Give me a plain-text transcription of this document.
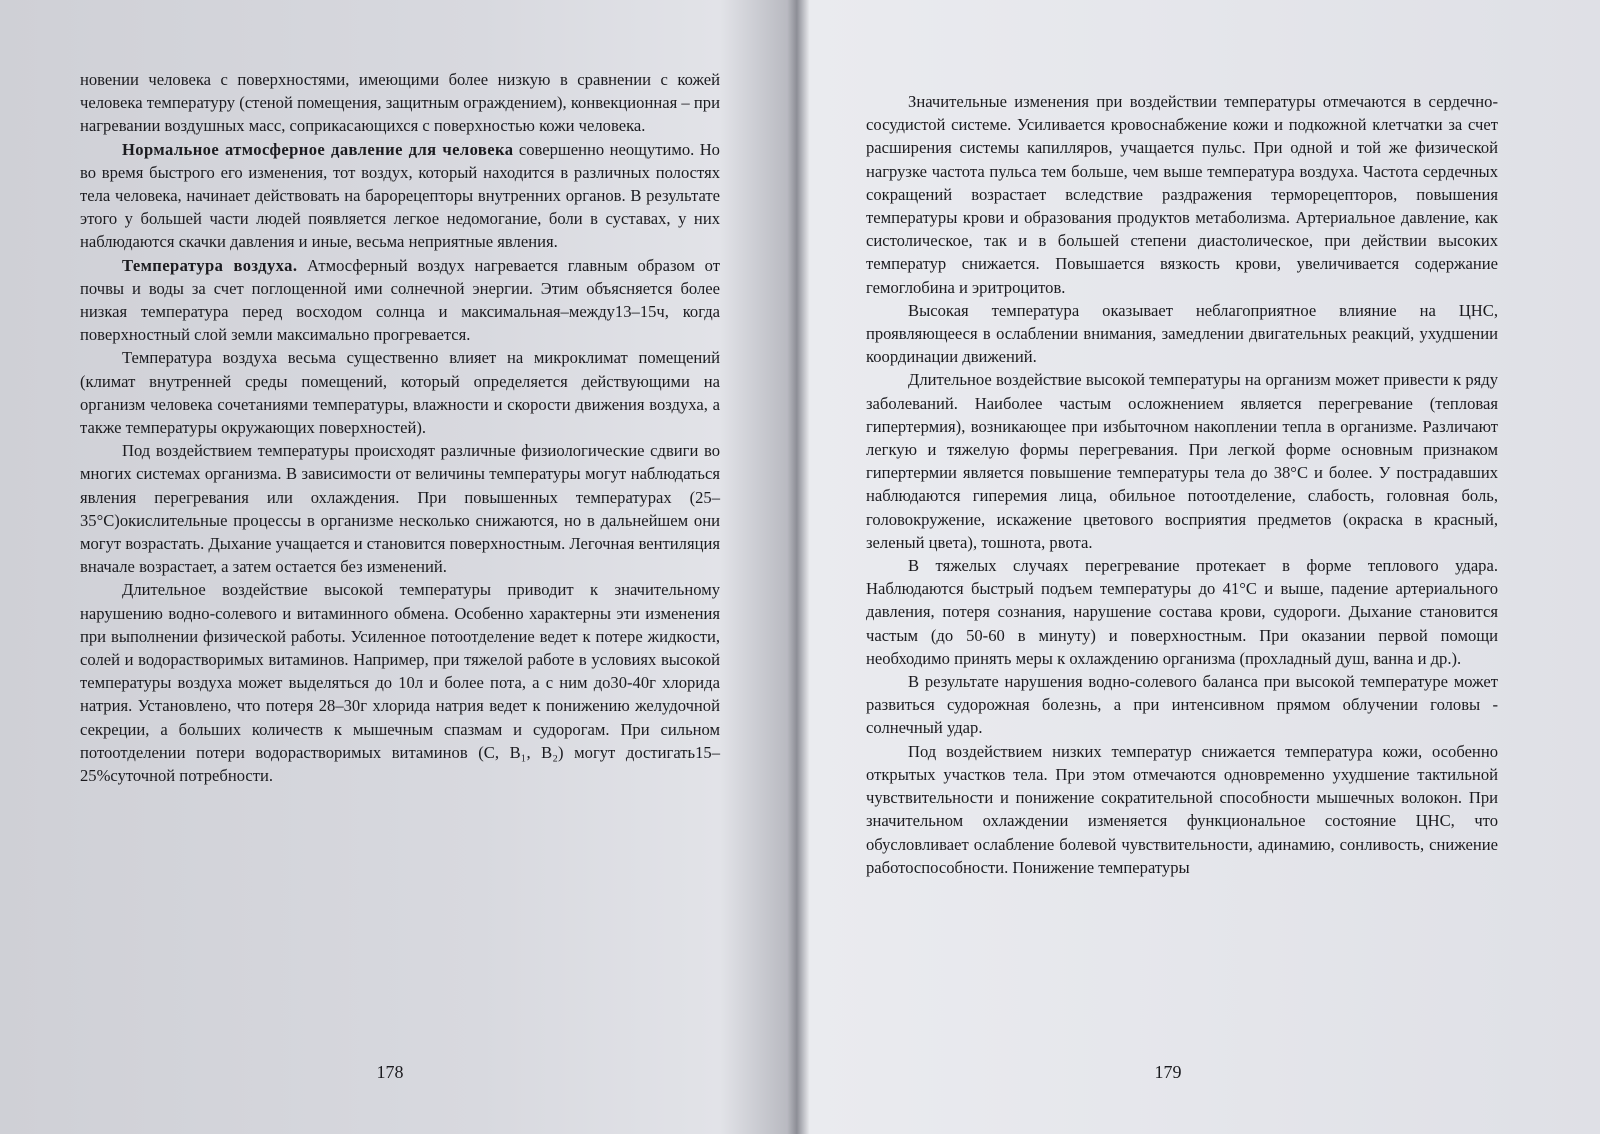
новении человека с поверхностями, имеющими более низкую в сравнении с кожей человека температуру (стеной помещения, защитным ограждением), конвекционная – при нагревании воздушных масс, соприкасающихся с поверхностью кожи человека.

Нормальное атмосферное давление для человека совершенно неощутимо. Но во время быстрого его изменения, тот воздух, который находится в различных полостях тела человека, начинает действовать на барорецепторы внутренних органов. В результате этого у большей части людей появляется легкое недомогание, боли в суставах, у них наблюдаются скачки давления и иные, весьма неприятные явления.

Температура воздуха. Атмосферный воздух нагревается главным образом от почвы и воды за счет поглощенной ими солнечной энергии. Этим объясняется более низкая температура перед восходом солнца и максимальная–между13–15ч, когда поверхностный слой земли максимально прогревается.

Температура воздуха весьма существенно влияет на микроклимат помещений (климат внутренней среды помещений, который определяется действующими на организм человека сочетаниями температуры, влажности и скорости движения воздуха, а также температуры окружающих поверхностей).

Под воздействием температуры происходят различные физиологические сдвиги во многих системах организма. В зависимости от величины температуры могут наблюдаться явления перегревания или охлаждения. При повышенных температурах (25–35°С)окислительные процессы в организме несколько снижаются, но в дальнейшем они могут возрастать. Дыхание учащается и становится поверхностным. Легочная вентиляция вначале возрастает, а затем остается без изменений.

Длительное воздействие высокой температуры приводит к значительному нарушению водно-солевого и витаминного обмена. Особенно характерны эти изменения при выполнении физической работы. Усиленное потоотделение ведет к потере жидкости, солей и водорастворимых витаминов. Например, при тяжелой работе в условиях высокой температуры воздуха может выделяться до 10л и более пота, а с ним до30-40г хлорида натрия. Установлено, что потеря 28–30г хлорида натрия ведет к понижению желудочной секреции, а больших количеств к мышечным спазмам и судорогам. При сильном потоотделении потери водорастворимых витаминов (С, В₁, В₂) могут достигать15–25%суточной потребности.

178

Значительные изменения при воздействии температуры отмечаются в сердечно-сосудистой системе. Усиливается кровоснабжение кожи и подкожной клетчатки за счет расширения системы капилляров, учащается пульс. При одной и той же физической нагрузке частота пульса тем больше, чем выше температура воздуха. Частота сердечных сокращений возрастает вследствие раздражения терморецепторов, повышения температуры крови и образования продуктов метаболизма. Артериальное давление, как систолическое, так и в большей степени диастолическое, при действии высоких температур снижается. Повышается вязкость крови, увеличивается содержание гемоглобина и эритроцитов.

Высокая температура оказывает неблагоприятное влияние на ЦНС, проявляющееся в ослаблении внимания, замедлении двигательных реакций, ухудшении координации движений.

Длительное воздействие высокой температуры на организм может привести к ряду заболеваний. Наиболее частым осложнением является перегревание (тепловая гипертермия), возникающее при избыточном накоплении тепла в организме. Различают легкую и тяжелую формы перегревания. При легкой форме основным признаком гипертермии является повышение температуры тела до 38°С и более. У пострадавших наблюдаются гиперемия лица, обильное потоотделение, слабость, головная боль, головокружение, искажение цветового восприятия предметов (окраска в красный, зеленый цвета), тошнота, рвота.

В тяжелых случаях перегревание протекает в форме теплового удара. Наблюдаются быстрый подъем температуры до 41°С и выше, падение артериального давления, потеря сознания, нарушение состава крови, судороги. Дыхание становится частым (до 50-60 в минуту) и поверхностным. При оказании первой помощи необходимо принять меры к охлаждению организма (прохладный душ, ванна и др.).

В результате нарушения водно-солевого баланса при высокой температуре может развиться судорожная болезнь, а при интенсивном прямом облучении головы - солнечный удар.

Под воздействием низких температур снижается температура кожи, особенно открытых участков тела. При этом отмечаются одновременно ухудшение тактильной чувствительности и понижение сократительной способности мышечных волокон. При значительном охлаждении изменяется функциональное состояние ЦНС, что обусловливает ослабление болевой чувствительности, адинамию, сонливость, снижение работоспособности. Понижение температуры

179
